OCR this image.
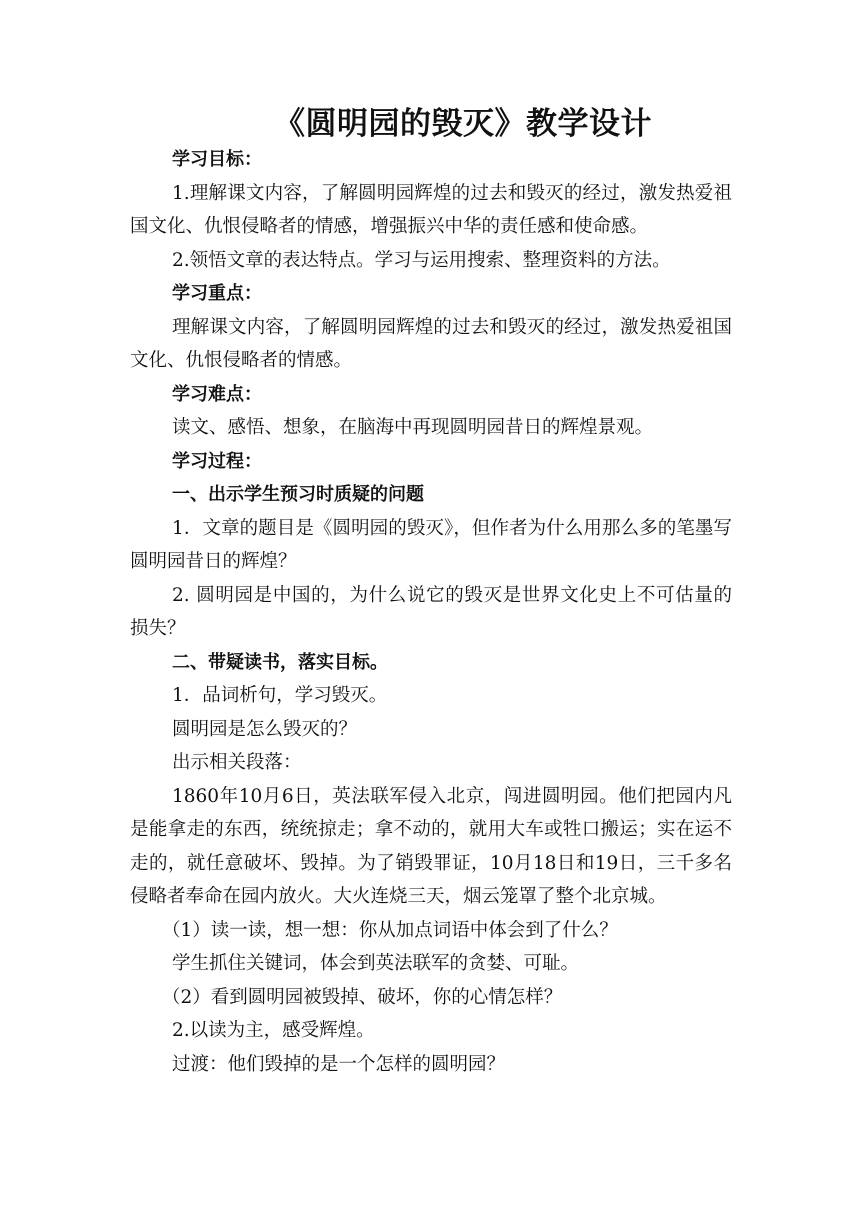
《圆明园的毁灭》教学设计

学习目标：

1.理解课文内容，了解圆明园辉煌的过去和毁灭的经过，激发热爱祖国文化、仇恨侵略者的情感，增强振兴中华的责任感和使命感。

2.领悟文章的表达特点。学习与运用搜索、整理资料的方法。

学习重点：

理解课文内容，了解圆明园辉煌的过去和毁灭的经过，激发热爱祖国文化、仇恨侵略者的情感。

学习难点：

读文、感悟、想象，在脑海中再现圆明园昔日的辉煌景观。

学习过程：

一、出示学生预习时质疑的问题

1．文章的题目是《圆明园的毁灭》，但作者为什么用那么多的笔墨写圆明园昔日的辉煌？

2. 圆明园是中国的，为什么说它的毁灭是世界文化史上不可估量的损失？

二、带疑读书，落实目标。

1．品词析句，学习毁灭。

圆明园是怎么毁灭的？

出示相关段落：

1860年10月6日，英法联军侵入北京，闯进圆明园。他们把园内凡是能拿走的东西，统统掠走；拿不动的，就用大车或牲口搬运；实在运不走的，就任意破坏、毁掉。为了销毁罪证，10月18日和19日，三千多名侵略者奉命在园内放火。大火连烧三天，烟云笼罩了整个北京城。

（1）读一读，想一想：你从加点词语中体会到了什么？

学生抓住关键词，体会到英法联军的贪婪、可耻。

（2）看到圆明园被毁掉、破坏，你的心情怎样？

2.以读为主，感受辉煌。

过渡：他们毁掉的是一个怎样的圆明园？
